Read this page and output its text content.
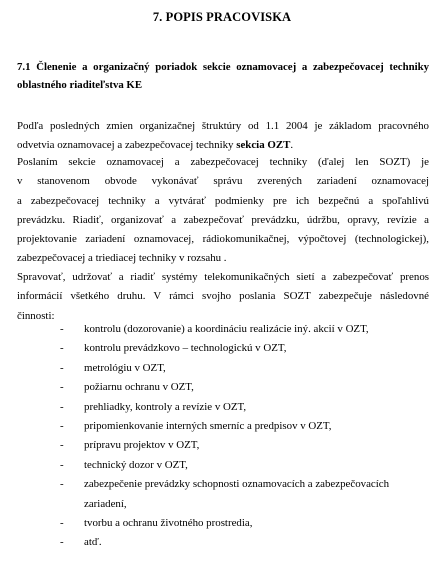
7. POPIS PRACOVISKA
7.1 Členenie a organizačný poriadok sekcie oznamovacej a zabezpečovacej techniky
oblastného riaditeľstva KE
Podľa posledných zmien organizačnej štruktúry od 1.1 2004 je základom pracovného
odvetvia oznamovacej a zabezpečovacej techniky sekcia OZT.
Poslaním sekcie oznamovacej a zabezpečovacej techniky (ďalej len SOZT) je
v stanovenom obvode vykonávať správu zverených zariadení oznamovacej
a zabezpečovacej techniky a vytvárať podmienky pre ich bezpečnú a spoľahlivú
prevádzku. Riadiť, organizovať a zabezpečovať prevádzku, údržbu, opravy, revízie a
projektovanie zariadení oznamovacej, rádiokomunikačnej, výpočtovej (technologickej),
zabezpečovacej a triediacej techniky v rozsahu .
Spravovať, udržovať a riadiť systémy telekomunikačných sietí a zabezpečovať prenos
informácií všetkého druhu. V rámci svojho poslania SOZT zabezpečuje následovné
činnosti:
- kontrolu (dozorovanie) a koordináciu realizácie iný. akcií v OZT,
- kontrolu prevádzkovo – technologickú v OZT,
- metrológiu v OZT,
- požiarnu ochranu v OZT,
- prehliadky, kontroly a revízie v OZT,
- pripomienkovanie interných smerníc a predpisov v OZT,
- prípravu projektov v OZT,
- technický dozor v OZT,
- zabezpečenie prevádzky schopnosti oznamovacích a zabezpečovacích zariadení,
- tvorbu a ochranu životného prostredia,
- atď.
